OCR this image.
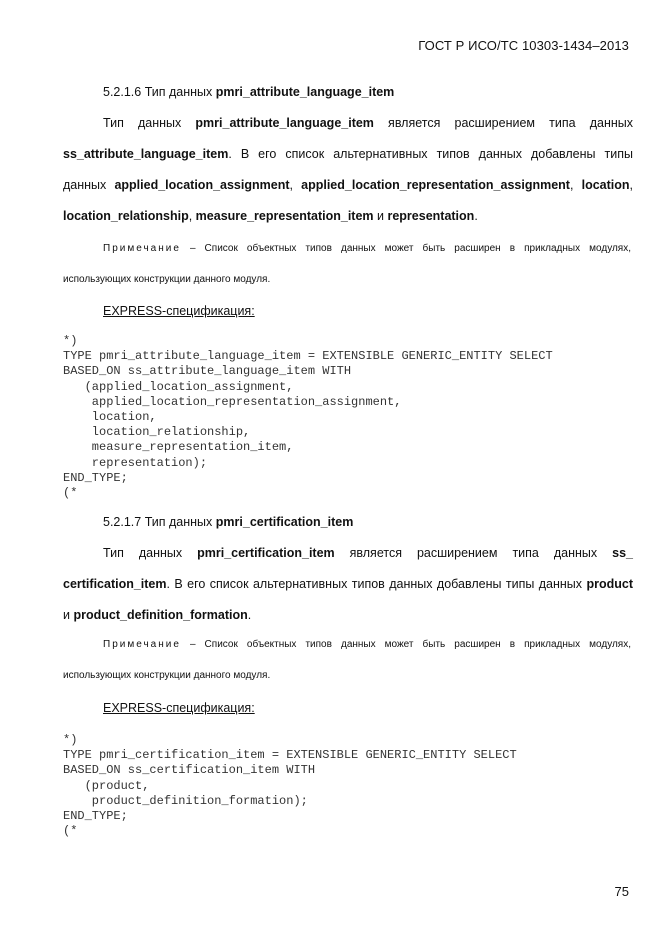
ГОСТ Р ИСО/ТС 10303-1434–2013
5.2.1.6 Тип данных pmri_attribute_language_item
Тип данных pmri_attribute_language_item является расширением типа данных ss_attribute_language_item. В его список альтернативных типов данных добавлены типы данных applied_location_assignment, applied_location_representation_assignment, location, location_relationship, measure_representation_item и representation.
Примечание – Список объектных типов данных может быть расширен в прикладных модулях, использующих конструкции данного модуля.
EXPRESS-спецификация:
*)
TYPE pmri_attribute_language_item = EXTENSIBLE GENERIC_ENTITY SELECT
BASED_ON ss_attribute_language_item WITH
(applied_location_assignment,
applied_location_representation_assignment,
location,
location_relationship,
measure_representation_item,
representation);
END_TYPE;
(*
5.2.1.7 Тип данных pmri_certification_item
Тип данных pmri_certification_item является расширением типа данных ss_ certification_item. В его список альтернативных типов данных добавлены типы данных product и product_definition_formation.
Примечание – Список объектных типов данных может быть расширен в прикладных модулях, использующих конструкции данного модуля.
EXPRESS-спецификация:
*)
TYPE pmri_certification_item = EXTENSIBLE GENERIC_ENTITY SELECT
BASED_ON ss_certification_item WITH
(product,
product_definition_formation);
END_TYPE;
(*
75
